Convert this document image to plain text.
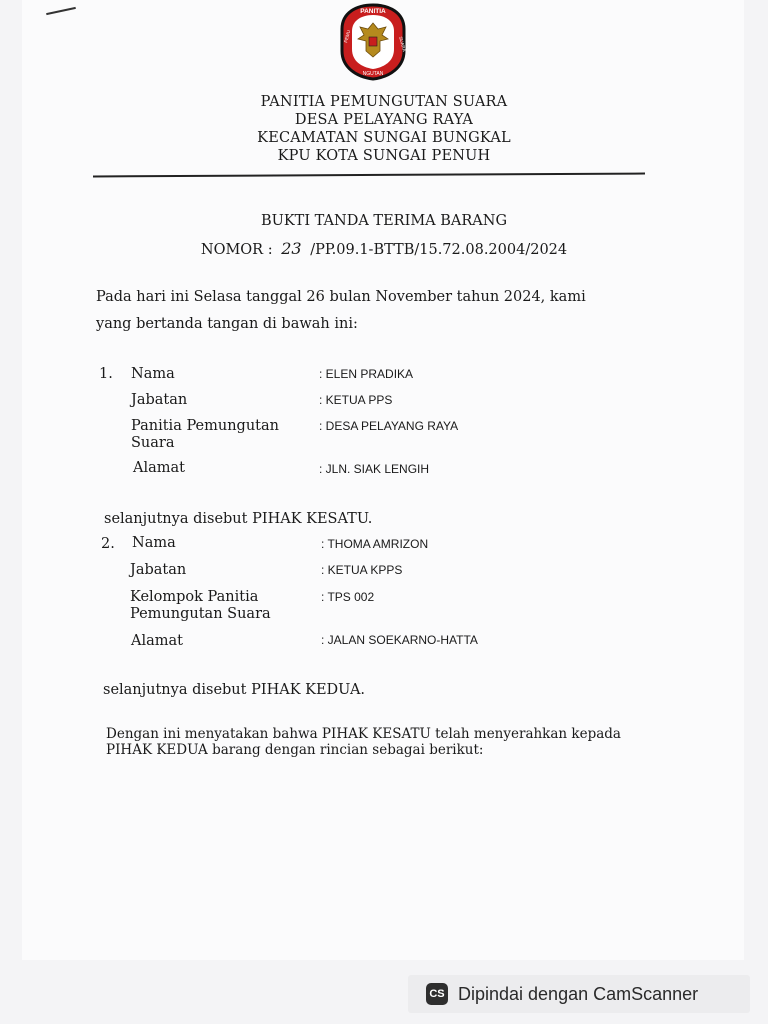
PANITIA
PEMU
NGUTAN
SUARA
PANITIA PEMUNGUTAN SUARA
DESA PELAYANG RAYA
KECAMATAN SUNGAI BUNGKAL
KPU KOTA SUNGAI PENUH
BUKTI TANDA TERIMA BARANG
NOMOR : 23 /PP.09.1-BTTB/15.72.08.2004/2024
Pada hari ini Selasa tanggal 26 bulan November tahun 2024, kami
yang bertanda tangan di bawah ini:
1. Nama	: ELEN PRADIKA
Jabatan	: KETUA PPS
Panitia Pemungutan
Suara
: DESA PELAYANG RAYA
Alamat	: JLN. SIAK LENGIH
selanjutnya disebut PIHAK KESATU.
2. Nama	: THOMA AMRIZON
Jabatan	: KETUA KPPS
Kelompok Panitia
Pemungutan Suara
: TPS 002
Alamat	: JALAN SOEKARNO-HATTA
selanjutnya disebut PIHAK KEDUA.
Dengan ini menyatakan bahwa PIHAK KESATU telah menyerahkan kepada
PIHAK KEDUA barang dengan rincian sebagai berikut:
CS Dipindai dengan CamScanner
